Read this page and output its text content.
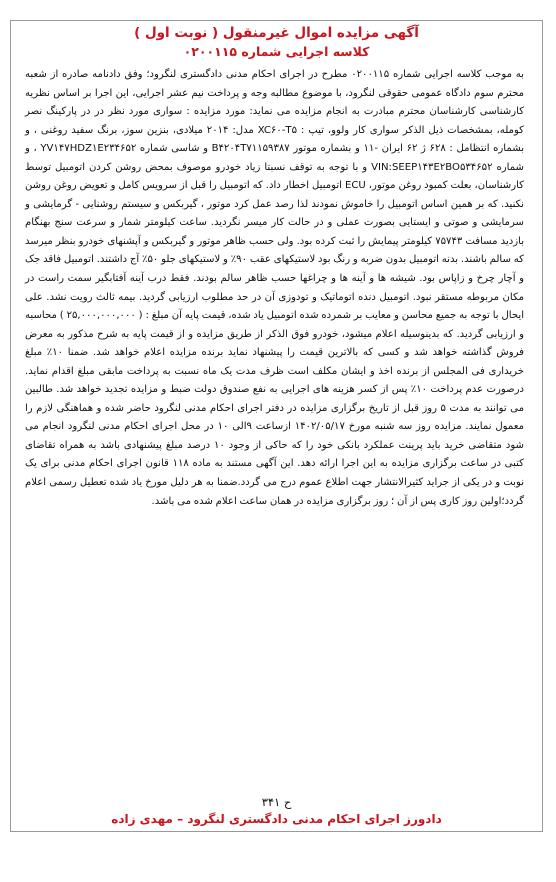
آگهی مزایده اموال غیرمنقول ( نوبت اول )
کلاسه اجرایی شماره ۰۲۰۰۱۱۵
به موجب کلاسه اجرایی شماره ۰۲۰۰۱۱۵ مطرح در اجرای احکام مدنی دادگستری لنگرود؛ وفق دادنامه صادره از شعبه محترم سوم دادگاه عمومی حقوقی لنگرود، با موضوع مطالبه وجه و پرداخت نیم عشر اجرایی، این اجرا بر اساس نظریه کارشناسی کارشناسان محترم مبادرت به انجام مزایده می نماید: مورد مزایده : سواری مورد نظر در در پارکینگ نصر کومله، بمشخصات ذیل الذکر سواری کار ولوو، تیپ : XC۶۰-T۵ مدل: ۲۰۱۴ میلادی، بنزین سوز، برنگ سفید روغنی ، و بشماره انتظامل : ۶۲۸ ژ ۶۲ ایران -۱۱ و بشماره موتور B۴۲۰۴T۷۱۱۵۹۳۸۷ و شاسی شماره YV۱۴۷HDZ۱E۲۳۴۶۵۲ ، و شماره VIN:SEEP۱۴۳E۲BO۵۳۴۶۵۲ و با توجه به توقف نسبتا زیاد خودرو موصوف بمحض روشن کردن اتومبیل توسط کارشناسان، بعلت کمبود روغن موتور، ECU اتومبیل اخطار داد. که اتومبیل را قبل از سرویس کامل و تعویض روغن روشن نکنید. که بر همین اساس اتومبیل را خاموش نمودند لذا رصد عمل کرد موتور ، گیربکس و سیستم روشنایی - گرمایشی و سرمایشی و صوتی و ایستایی بصورت عملی و در حالت کار میسر نگردید. ساعت کیلومتر شمار و سرعت سنج بهنگام بازدید مسافت ۷۵۷۴۳ کیلومتر پیمایش را ثبت کرده بود. ولی حسب ظاهر موتور و گیربکس و آپشنهای خودرو بنظر میرسد که سالم باشند. بدنه اتومبیل بدون ضربه و رنگ بود لاستیکهای عقب ۹۰٪ و لاستیکهای جلو ۵۰٪ آج داشتند. اتومبیل فاقد جک و آچار چرخ و زاپاس بود. شیشه ها و آینه ها و چراغها حسب ظاهر سالم بودند. فقط درب آینه آفتابگیر سمت راست در مکان مربوطه مستقر نبود. اتومبیل دنده اتوماتیک و تودوزی آن در حد مطلوب ارزیابی گردید. بیمه ثالث رویت نشد. علی ایحال با توجه به جمیع محاسن و معایب بر شمرده شده اتومبیل یاد شده، قیمت پایه آن مبلغ : ( ۲۵,۰۰۰,۰۰۰,۰۰۰ ) محاسبه و ارزیابی گردید. که بدینوسیله اعلام میشود، خودرو فوق الذکر از طریق مزایده و از قیمت پایه به شرح مذکور به معرض فروش گذاشته خواهد شد و کسی که بالاترین قیمت را پیشنهاد نماید برنده مزایده اعلام خواهد شد. ضمنا ۱۰٪ مبلغ خریداری فی المجلس از برنده اخذ و ایشان مکلف است ظرف مدت یک ماه نسبت به پرداخت مابقی مبلغ اقدام نماید. درصورت عدم پرداخت ۱۰٪ پس از کسر هزینه های اجرایی به نفع صندوق دولت ضبط و مزایده تجدید خواهد شد. طالبین می توانند به مدت ۵ روز قبل از تاریخ برگزاری مزایده در دفتر اجرای احکام مدنی لنگرود حاضر شده و هماهنگی لازم را معمول نمایند. مزایده روز سه شنبه مورخ ۱۴۰۲/۰۵/۱۷ ازساعت ۹الی ۱۰ در محل اجرای احکام مدنی لنگرود انجام می شود متقاضی خرید باید پرینت عملکرد بانکی خود را که حاکی از وجود ۱۰ درصد مبلغ پیشنهادی باشد به همراه تقاضای کتبی در ساعت برگزاری مزایده به این اجرا ارائه دهد. این آگهی مستند به ماده ۱۱۸ قانون اجرای احکام مدنی برای یک نوبت و در یکی از جراید کثیرالانتشار جهت اطلاع عموم درج می گردد.ضمنا به هر دلیل مورخ یاد شده تعطیل رسمی اعلام گردد؛اولین روز کاری پس از آن ؛ روز برگزاری مزایده در همان ساعت اعلام شده می باشد.
ح ۳۴۱
دادورز اجرای احکام مدنی دادگستری لنگرود – مهدی زاده
